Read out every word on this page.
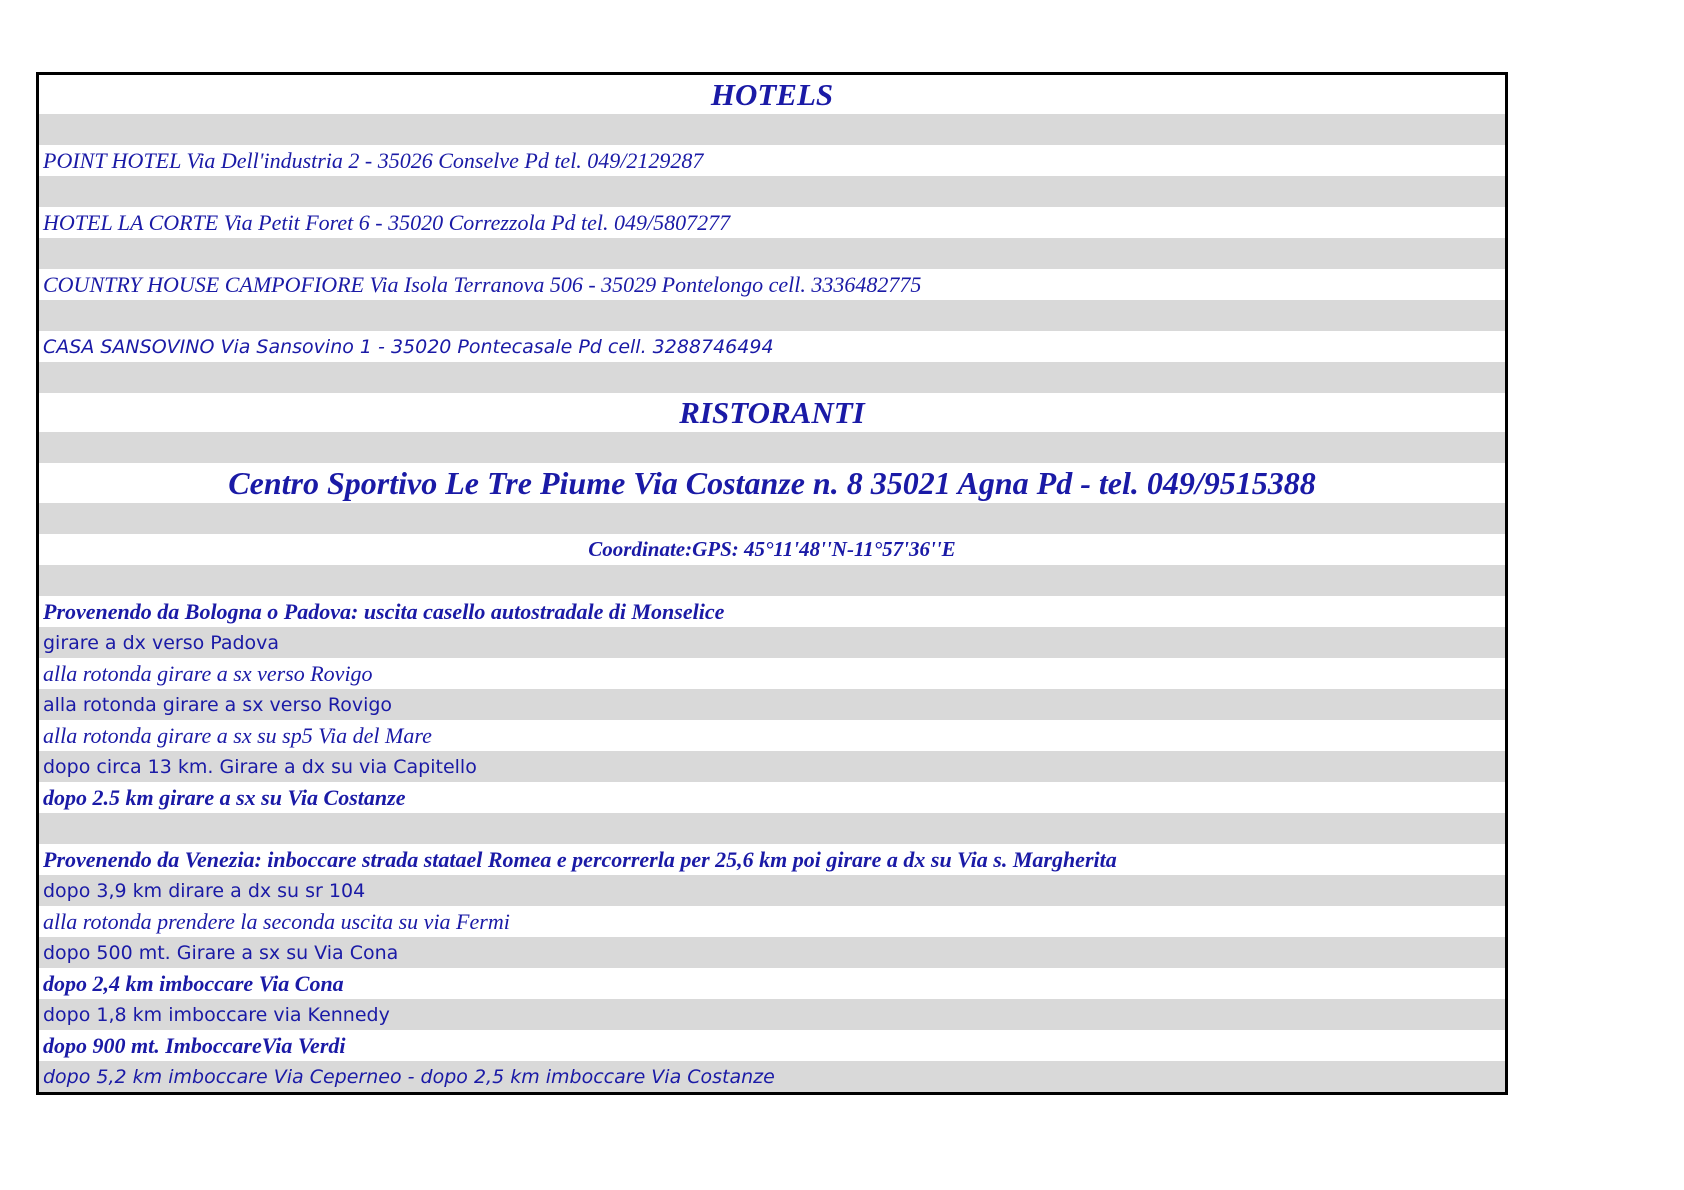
HOTELS
POINT HOTEL Via Dell'industria 2 - 35026 Conselve Pd tel. 049/2129287
HOTEL LA CORTE Via Petit Foret 6 - 35020 Correzzola Pd tel. 049/5807277
COUNTRY HOUSE CAMPOFIORE Via Isola Terranova 506 - 35029 Pontelongo cell. 3336482775
CASA SANSOVINO Via Sansovino 1 - 35020 Pontecasale Pd cell. 3288746494
RISTORANTI
Centro Sportivo Le Tre Piume Via Costanze n. 8 35021 Agna Pd - tel. 049/9515388
Coordinate:GPS: 45°11'48''N-11°57'36''E
Provenendo da Bologna o Padova: uscita casello autostradale di Monselice
girare a dx verso Padova
alla rotonda girare a sx verso Rovigo
alla rotonda girare a sx verso Rovigo
alla rotonda girare a sx su sp5 Via del Mare
dopo circa 13 km. Girare a dx su via Capitello
dopo 2.5 km girare a sx su Via Costanze
Provenendo da Venezia: inboccare strada statael Romea e percorrerla per 25,6 km poi girare a dx su Via s. Margherita
dopo 3,9 km dirare a dx su sr 104
alla rotonda prendere la seconda uscita su via Fermi
dopo 500 mt. Girare a sx su Via Cona
dopo 2,4 km imboccare Via Cona
dopo 1,8 km imboccare via Kennedy
dopo 900 mt. ImboccareVia Verdi
dopo 5,2 km imboccare Via Ceperneo - dopo 2,5 km imboccare Via Costanze
